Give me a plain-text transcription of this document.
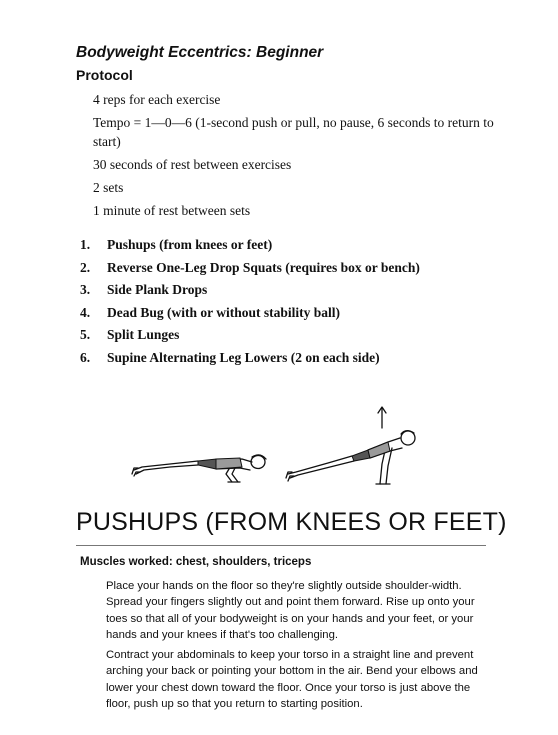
Bodyweight Eccentrics: Beginner
Protocol
4 reps for each exercise
Tempo = 1—0—6 (1-second push or pull, no pause, 6 seconds to return to start)
30 seconds of rest between exercises
2 sets
1 minute of rest between sets
1.	Pushups (from knees or feet)
2.	Reverse One-Leg Drop Squats (requires box or bench)
3.	Side Plank Drops
4.	Dead Bug (with or without stability ball)
5.	Split Lunges
6.	Supine Alternating Leg Lowers (2 on each side)
PUSHUPS (FROM KNEES OR FEET)
Muscles worked: chest, shoulders, triceps

Place your hands on the floor so they're slightly outside shoulder-width. Spread your fingers slightly out and point them forward. Rise up onto your toes so that all of your bodyweight is on your hands and your feet, or your hands and your knees if that's too challenging.

Contract your abdominals to keep your torso in a straight line and prevent arching your back or pointing your bottom in the air. Bend your elbows and lower your chest down toward the floor. Once your torso is just above the floor, push up so that you return to starting position.
